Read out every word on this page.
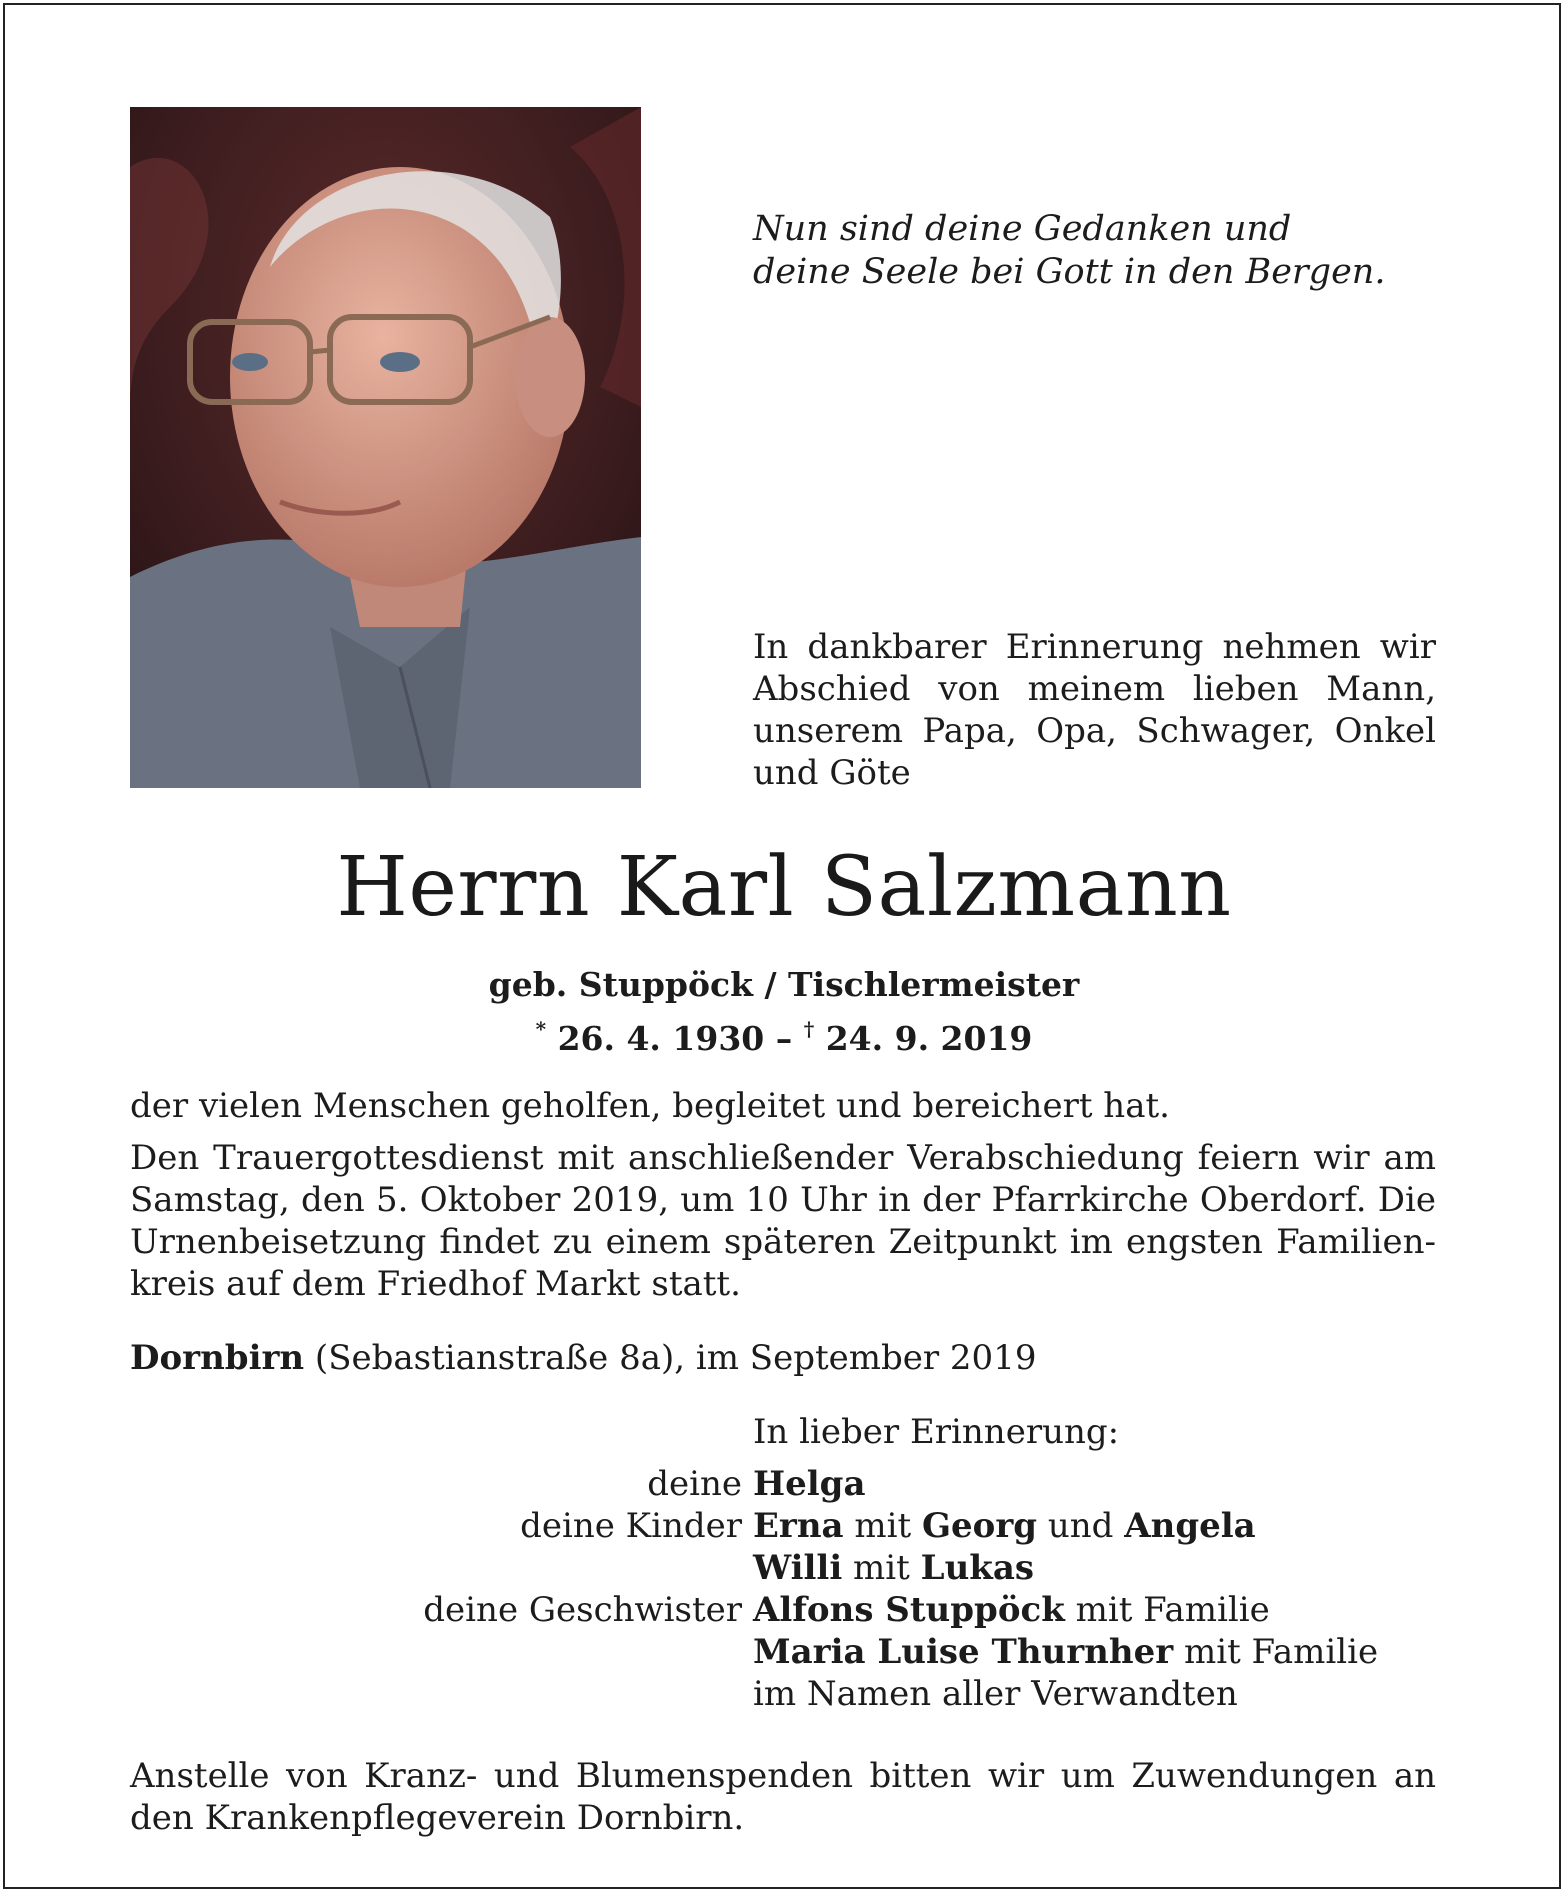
Nun sind deine Gedanken und
deine Seele bei Gott in den Bergen.
In dankbarer Erinnerung nehmen wir
Abschied von meinem lieben Mann,
unserem Papa, Opa, Schwager, Onkel
und Göte
Herrn Karl Salzmann
geb. Stuppöck / Tischlermeister
* 26. 4. 1930 – † 24. 9. 2019
der vielen Menschen geholfen, begleitet und bereichert hat.
Den Trauergottesdienst mit anschließender Verabschiedung feiern wir am
Samstag, den 5. Oktober 2019, um 10 Uhr in der Pfarrkirche Oberdorf. Die
Urnenbeisetzung findet zu einem späteren Zeitpunkt im engsten Familien-
kreis auf dem Friedhof Markt statt.
Dornbirn (Sebastianstraße 8a), im September 2019
In lieber Erinnerung:
deine Helga
deine Kinder Erna mit Georg und Angela
Willi mit Lukas
deine Geschwister Alfons Stuppöck mit Familie
Maria Luise Thurnher mit Familie
im Namen aller Verwandten
Anstelle von Kranz- und Blumenspenden bitten wir um Zuwendungen an
den Krankenpflegeverein Dornbirn.
